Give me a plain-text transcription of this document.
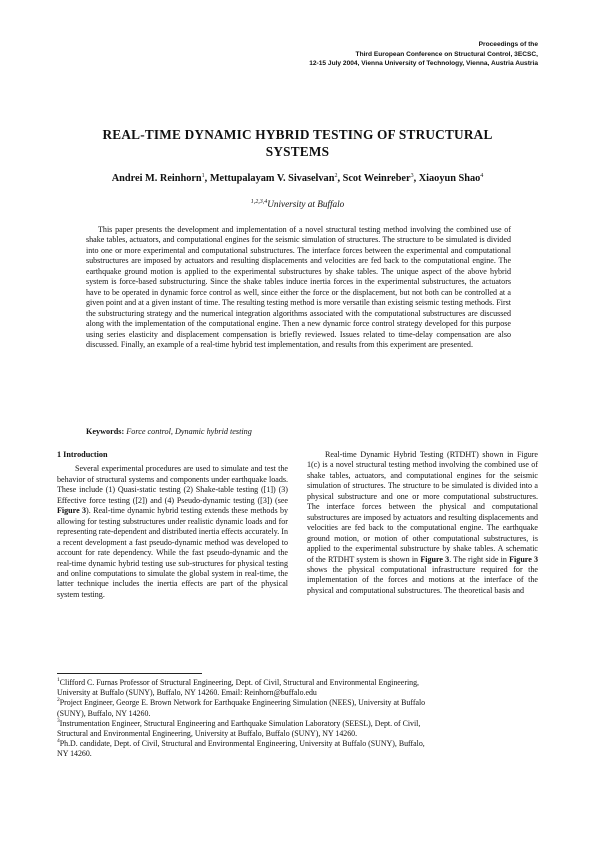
Proceedings of the
Third European Conference on Structural Control, 3ECSC,
12-15 July 2004, Vienna University of Technology, Vienna, Austria Austria
REAL-TIME DYNAMIC HYBRID TESTING OF STRUCTURAL
SYSTEMS
Andrei M. Reinhorn$^1$, Mettupalayam V. Sivaselvan$^2$, Scot Weinreber$^3$, Xiaoyun Shao$^4$
$^{1,2,3,4}$University at Buffalo

This paper presents the development and implementation of a novel structural testing method involving the combined use of shake tables, actuators, and computational engines for the seismic simulation of structures. The structure to be simulated is divided into one or more experimental and computational substructures. The interface forces between the experimental and computational substructures are imposed by actuators and resulting displacements and velocities are fed back to the computational engine. The earthquake ground motion is applied to the experimental substructures by shake tables. The unique aspect of the above hybrid system is force-based substructuring. Since the shake tables induce inertia forces in the experimental substructures, the actuators have to be operated in dynamic force control as well, since either the force or the displacement, but not both can be controlled at a given point and at a given instant of time. The resulting testing method is more versatile than existing seismic testing methods. First the substructuring strategy and the numerical integration algorithms associated with the computational substructures are discussed along with the implementation of the computational engine. Then a new dynamic force control strategy developed for this purpose using series elasticity and displacement compensation is briefly reviewed. Issues related to time-delay compensation are also discussed. Finally, an example of a real-time hybrid test implementation, and results from this experiment are presented.

Keywords: Force control, Dynamic hybrid testing
1 Introduction

Several experimental procedures are used to simulate and test the behavior of structural systems and components under earthquake loads. These include (1) Quasi-static testing (2) Shake-table testing ([1]) (3) Effective force testing ([2]) and (4) Pseudo-dynamic testing ([3]) (see Figure 3). Real-time dynamic hybrid testing extends these methods by allowing for testing substructures under realistic dynamic loads and for representing rate-dependent and distributed inertia effects accurately. In a recent development a fast pseudo-dynamic method was developed to account for rate dependency. While the fast pseudo-dynamic and the real-time dynamic hybrid testing use sub-structures for physical testing and online computations to simulate the global system in real-time, the latter technique includes the inertia effects are part of the physical system testing.

Real-time Dynamic Hybrid Testing (RTDHT) shown in Figure 1(c) is a novel structural testing method involving the combined use of shake tables, actuators, and computational engines for the seismic simulation of structures. The structure to be simulated is divided into a physical substructure and one or more computational substructures. The interface forces between the physical and computational substructures are imposed by actuators and resulting displacements and velocities are fed back to the computational engine. The earthquake ground motion, or motion of other computational substructures, is applied to the experimental substructure by shake tables. A schematic of the RTDHT system is shown in Figure 3. The right side in Figure 3 shows the physical computational infrastructure required for the implementation of the forces and motions at the interface of the physical and computational substructures. The theoretical basis and

$^1$Clifford C. Furnas Professor of Structural Engineering, Dept. of Civil, Structural and Environmental Engineering,
University at Buffalo (SUNY), Buffalo, NY 14260. Email: Reinhorn@buffalo.edu
$^2$Project Engineer, George E. Brown Network for Earthquake Engineering Simulation (NEES), University at Buffalo
(SUNY), Buffalo, NY 14260.
$^3$Instrumentation Engineer, Structural Engineering and Earthquake Simulation Laboratory (SEESL), Dept. of Civil,
Structural and Environmental Engineering, University at Buffalo, Buffalo (SUNY), NY 14260.
$^4$Ph.D. candidate, Dept. of Civil, Structural and Environmental Engineering, University at Buffalo (SUNY), Buffalo,
NY 14260.
